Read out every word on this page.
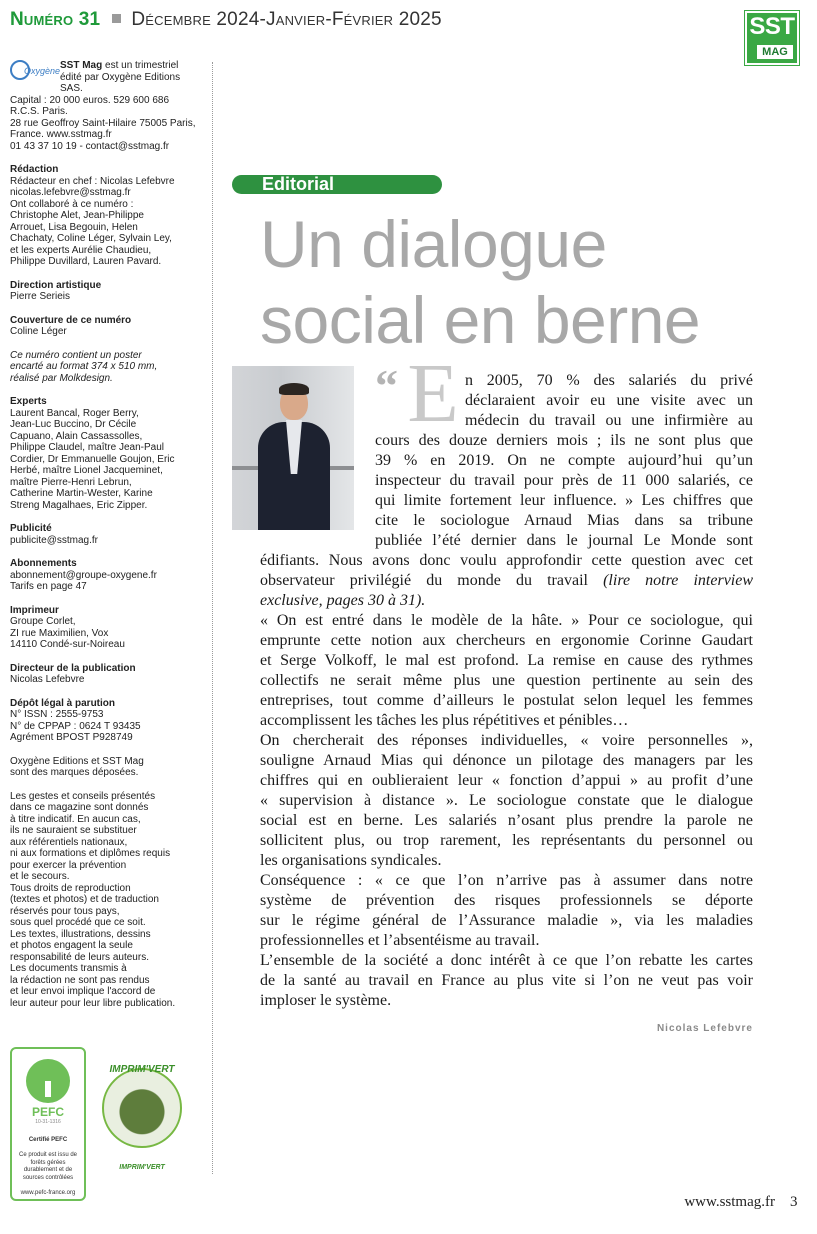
Numéro 31 Décembre 2024-Janvier-Février 2025	SST
MAG

Oxygène SST Mag est un trimestriel édité par Oxygène Editions SAS.
Capital : 20 000 euros. 529 600 686 R.C.S. Paris.
28 rue Geoffroy Saint-Hilaire 75005 Paris, France. www.sstmag.fr
01 43 37 10 19 - contact@sstmag.fr

Rédaction
Rédacteur en chef : Nicolas Lefebvre
nicolas.lefebvre@sstmag.fr
Ont collaboré à ce numéro :
Christophe Alet, Jean-Philippe
Arrouet, Lisa Begouin, Helen
Chachaty, Coline Léger, Sylvain Ley,
et les experts Aurélie Chaudieu,
Philippe Duvillard, Lauren Pavard.

Direction artistique
Pierre Serieis

Couverture de ce numéro
Coline Léger

Ce numéro contient un poster
encarté au format 374 x 510 mm,
réalisé par Molkdesign.

Experts
Laurent Bancal, Roger Berry,
Jean-Luc Buccino, Dr Cécile
Capuano, Alain Cassassolles,
Philippe Claudel, maître Jean-Paul
Cordier, Dr Emmanuelle Goujon, Eric
Herbé, maître Lionel Jacqueminet,
maître Pierre-Henri Lebrun,
Catherine Martin-Wester, Karine
Streng Magalhaes, Eric Zipper.

Publicité
publicite@sstmag.fr

Abonnements
abonnement@groupe-oxygene.fr
Tarifs en page 47

Imprimeur
Groupe Corlet,
ZI rue Maximilien, Vox
14110 Condé-sur-Noireau

Directeur de la publication
Nicolas Lefebvre

Dépôt légal à parution
N° ISSN : 2555-9753
N° de CPPAP : 0624 T 93435
Agrément BPOST P928749

Oxygène Editions et SST Mag
sont des marques déposées.

Les gestes et conseils présentés
dans ce magazine sont donnés
à titre indicatif. En aucun cas,
ils ne sauraient se substituer
aux référentiels nationaux,
ni aux formations et diplômes requis
pour exercer la prévention
et le secours.
Tous droits de reproduction
(textes et photos) et de traduction
réservés pour tous pays,
sous quel procédé que ce soit.
Les textes, illustrations, dessins
et photos engagent la seule
responsabilité de leurs auteurs.
Les documents transmis à
la rédaction ne sont pas rendus
et leur envoi implique l'accord de
leur auteur pour leur libre publication.

PEFC
10-31-1316
Certifié PEFC
Ce produit est issu de
forêts gérées
durablement et de
sources contrôlées
www.pefc-france.org
IMPRIM'VERT
IMPRIM'VERT
Editorial
Un dialogue
social en berne
“ E n 2005, 70 % des salariés du privé
déclaraient avoir eu une visite avec un
médecin du travail ou une infirmière au
cours des douze derniers mois ; ils ne sont plus que
39 % en 2019. On ne compte aujourd’hui qu’un
inspecteur du travail pour près de 11 000 salariés, ce
qui limite fortement leur influence. » Les chiffres que
cite le sociologue Arnaud Mias dans sa tribune
publiée l’été dernier dans le journal Le Monde sont
édifiants. Nous avons donc voulu approfondir cette question avec cet
observateur privilégié du monde du travail (lire notre interview
exclusive, pages 30 à 31).
« On est entré dans le modèle de la hâte. » Pour ce sociologue, qui
emprunte cette notion aux chercheurs en ergonomie Corinne Gaudart
et Serge Volkoff, le mal est profond. La remise en cause des rythmes
collectifs ne serait même plus une question pertinente au sein des
entreprises, tout comme d’ailleurs le postulat selon lequel les femmes
accomplissent les tâches les plus répétitives et pénibles…
On chercherait des réponses individuelles, « voire personnelles »,
souligne Arnaud Mias qui dénonce un pilotage des managers par les
chiffres qui en oublieraient leur « fonction d’appui » au profit d’une
« supervision à distance ». Le sociologue constate que le dialogue
social est en berne. Les salariés n’osant plus prendre la parole ne
sollicitent plus, ou trop rarement, les représentants du personnel ou
les organisations syndicales.
Conséquence : « ce que l’on n’arrive pas à assumer dans notre
système de prévention des risques professionnels se déporte
sur le régime général de l’Assurance maladie », via les maladies
professionnelles et l’absentéisme au travail.
L’ensemble de la société a donc intérêt à ce que l’on rebatte les cartes
de la santé au travail en France au plus vite si l’on ne veut pas voir
imploser le système.
Nicolas Lefebvre
www.sstmag.fr 3
